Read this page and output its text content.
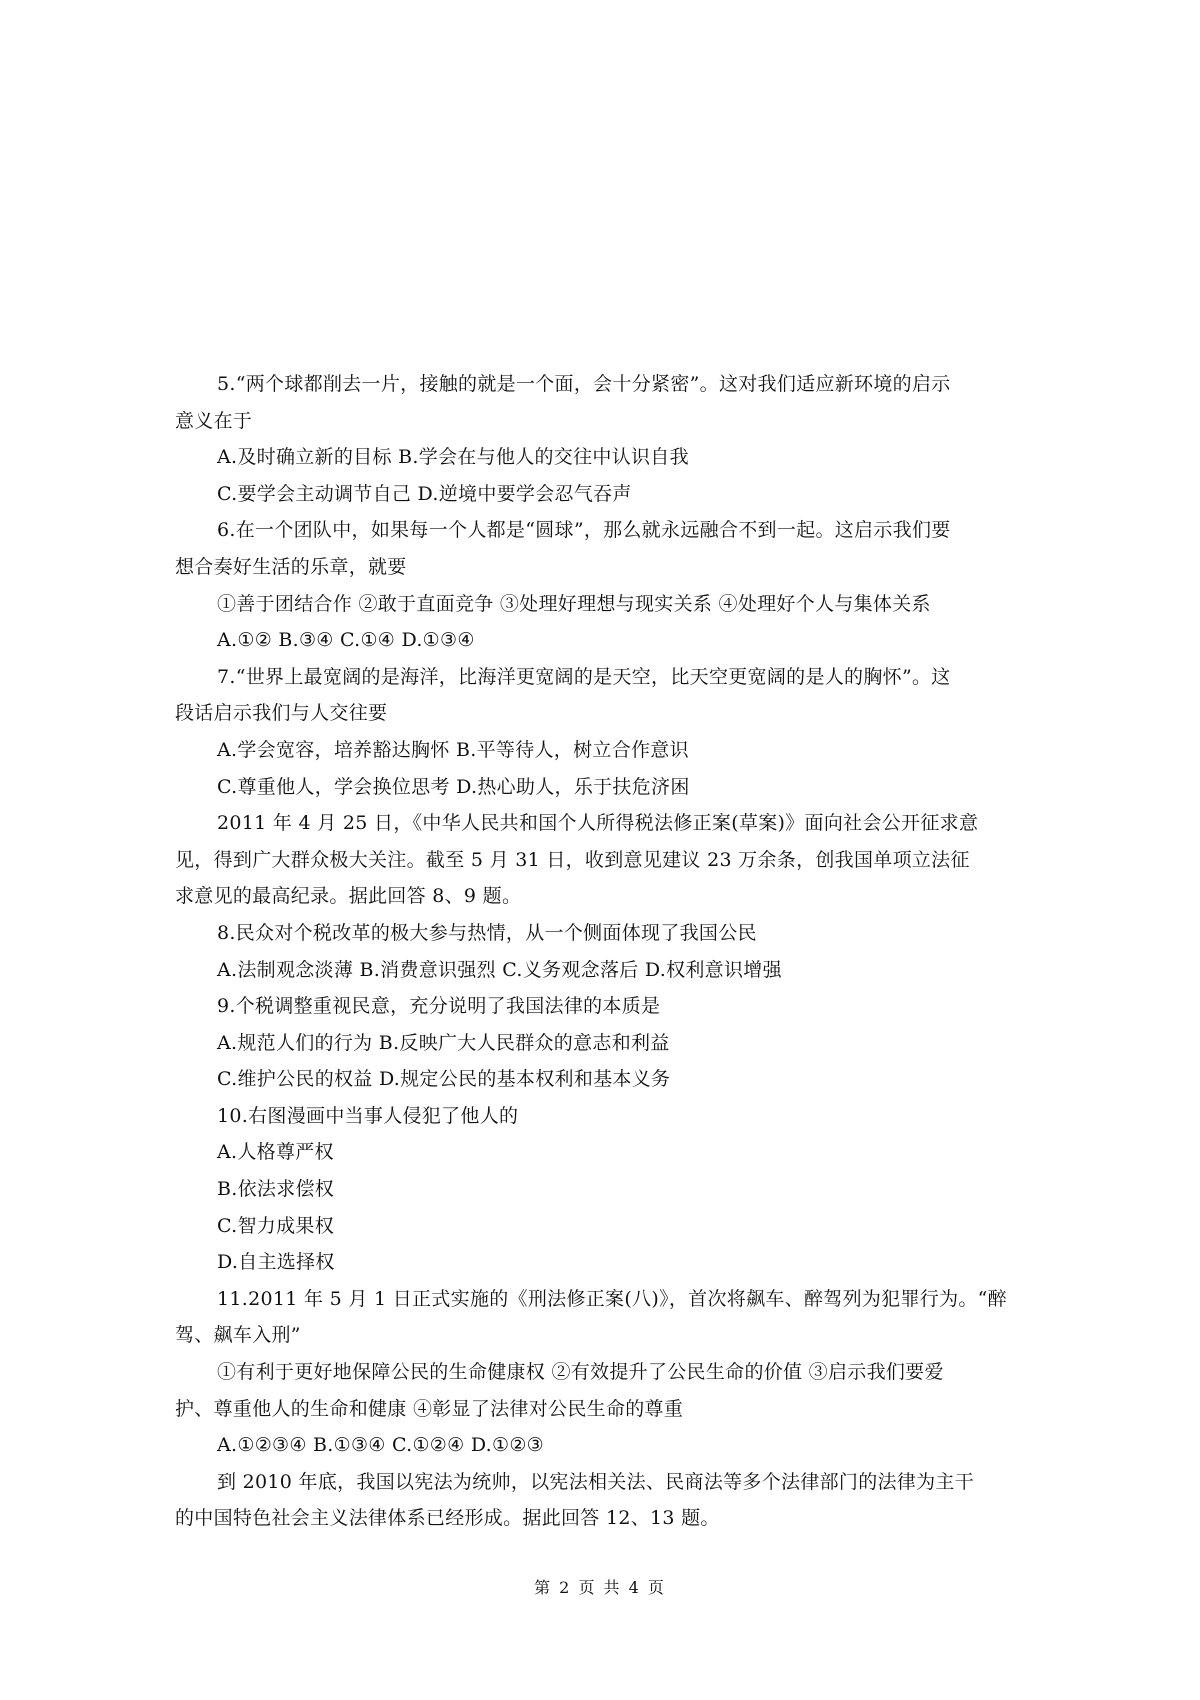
5.“两个球都削去一片，接触的就是一个面，会十分紧密”。这对我们适应新环境的启示
意义在于
A.及时确立新的目标 B.学会在与他人的交往中认识自我
C.要学会主动调节自己 D.逆境中要学会忍气吞声
6.在一个团队中，如果每一个人都是“圆球”，那么就永远融合不到一起。这启示我们要
想合奏好生活的乐章，就要
①善于团结合作 ②敢于直面竞争 ③处理好理想与现实关系 ④处理好个人与集体关系
A.①② B.③④ C.①④ D.①③④
7.“世界上最宽阔的是海洋，比海洋更宽阔的是天空，比天空更宽阔的是人的胸怀”。这
段话启示我们与人交往要
A.学会宽容，培养豁达胸怀 B.平等待人，树立合作意识
C.尊重他人，学会换位思考 D.热心助人，乐于扶危济困
2011 年 4 月 25 日，《中华人民共和国个人所得税法修正案(草案)》面向社会公开征求意
见，得到广大群众极大关注。截至 5 月 31 日，收到意见建议 23 万余条，创我国单项立法征
求意见的最高纪录。据此回答 8、9 题。
8.民众对个税改革的极大参与热情，从一个侧面体现了我国公民
A.法制观念淡薄 B.消费意识强烈 C.义务观念落后 D.权利意识增强
9.个税调整重视民意，充分说明了我国法律的本质是
A.规范人们的行为 B.反映广大人民群众的意志和利益
C.维护公民的权益 D.规定公民的基本权利和基本义务
10.右图漫画中当事人侵犯了他人的
A.人格尊严权
B.依法求偿权
C.智力成果权
D.自主选择权
11.2011 年 5 月 1 日正式实施的《刑法修正案(八)》，首次将飙车、醉驾列为犯罪行为。“醉
驾、飙车入刑”
①有利于更好地保障公民的生命健康权 ②有效提升了公民生命的价值 ③启示我们要爱
护、尊重他人的生命和健康 ④彰显了法律对公民生命的尊重
A.①②③④ B.①③④ C.①②④ D.①②③
到 2010 年底，我国以宪法为统帅，以宪法相关法、民商法等多个法律部门的法律为主干
的中国特色社会主义法律体系已经形成。据此回答 12、13 题。
第 2 页 共 4 页
